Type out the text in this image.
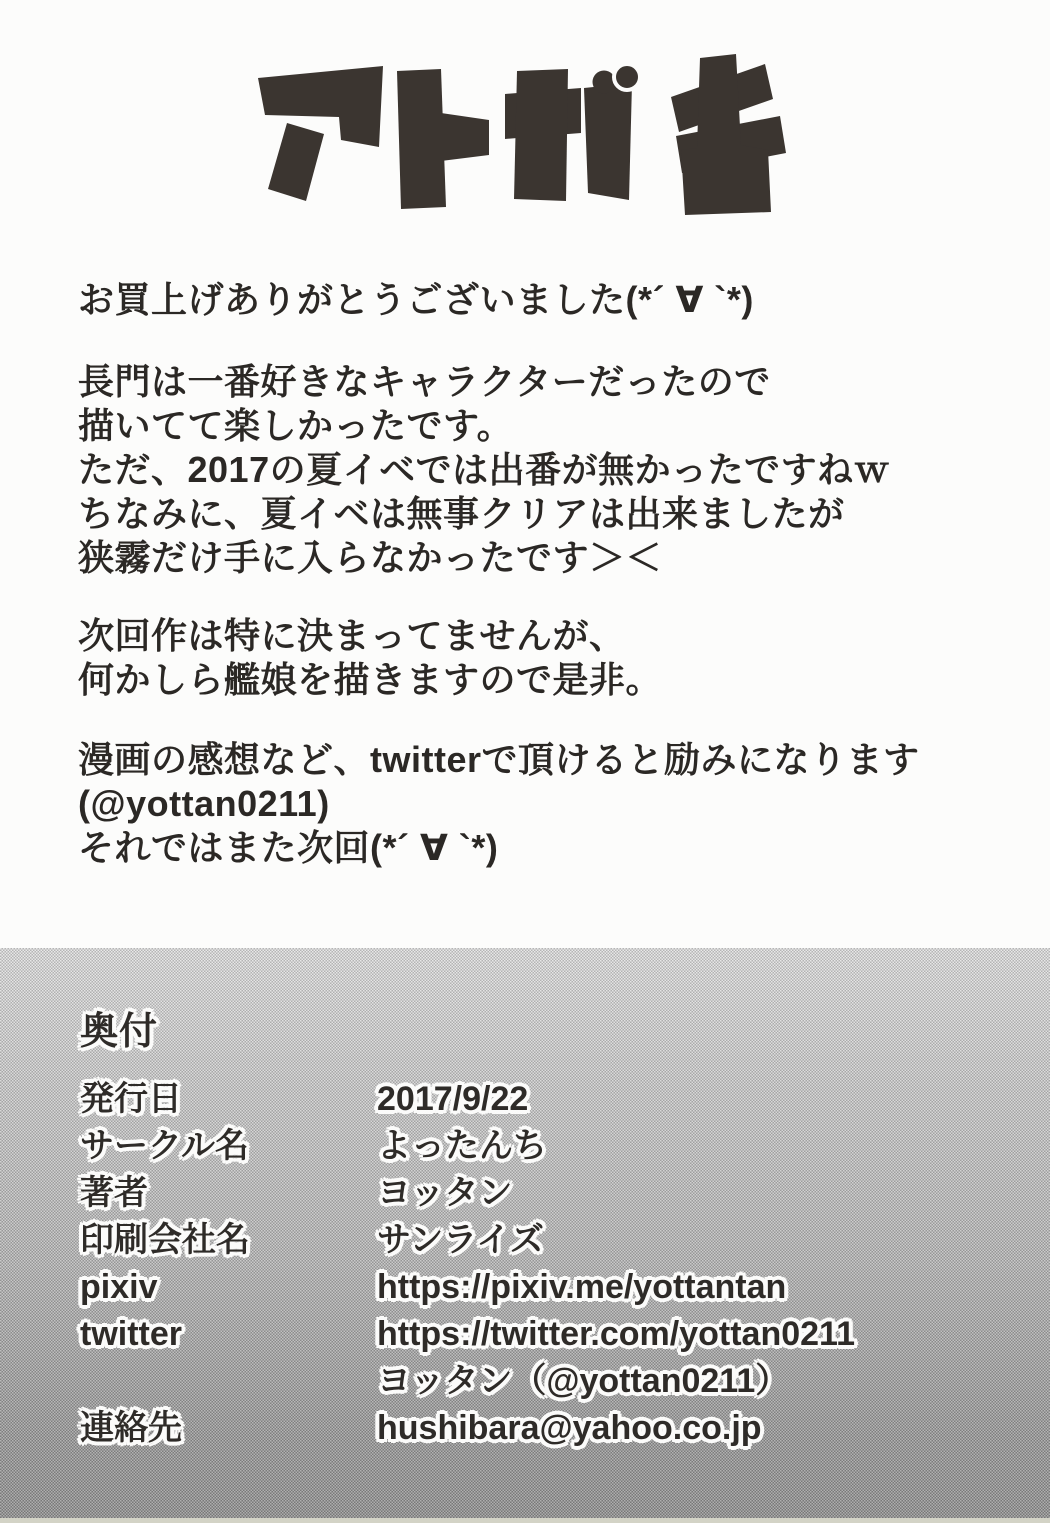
お買上げありがとうございました(*´ ∀ `*)
長門は一番好きなキャラクターだったので
描いてて楽しかったです。
ただ、2017の夏イベでは出番が無かったですねｗ
ちなみに、夏イベは無事クリアは出来ましたが
狭霧だけ手に入らなかったです＞＜
次回作は特に決まってませんが、
何かしら艦娘を描きますので是非。
漫画の感想など、twitterで頂けると励みになります
(@yottan0211)
それではまた次回(*´ ∀ `*)
奥付
発行日	2017/9/22
サークル名	よったんち
著者	ヨッタン
印刷会社名	サンライズ
pixiv	https://pixiv.me/yottantan
twitter	https://twitter.com/yottan0211
ヨッタン（@yottan0211）
連絡先	hushibara@yahoo.co.jp
